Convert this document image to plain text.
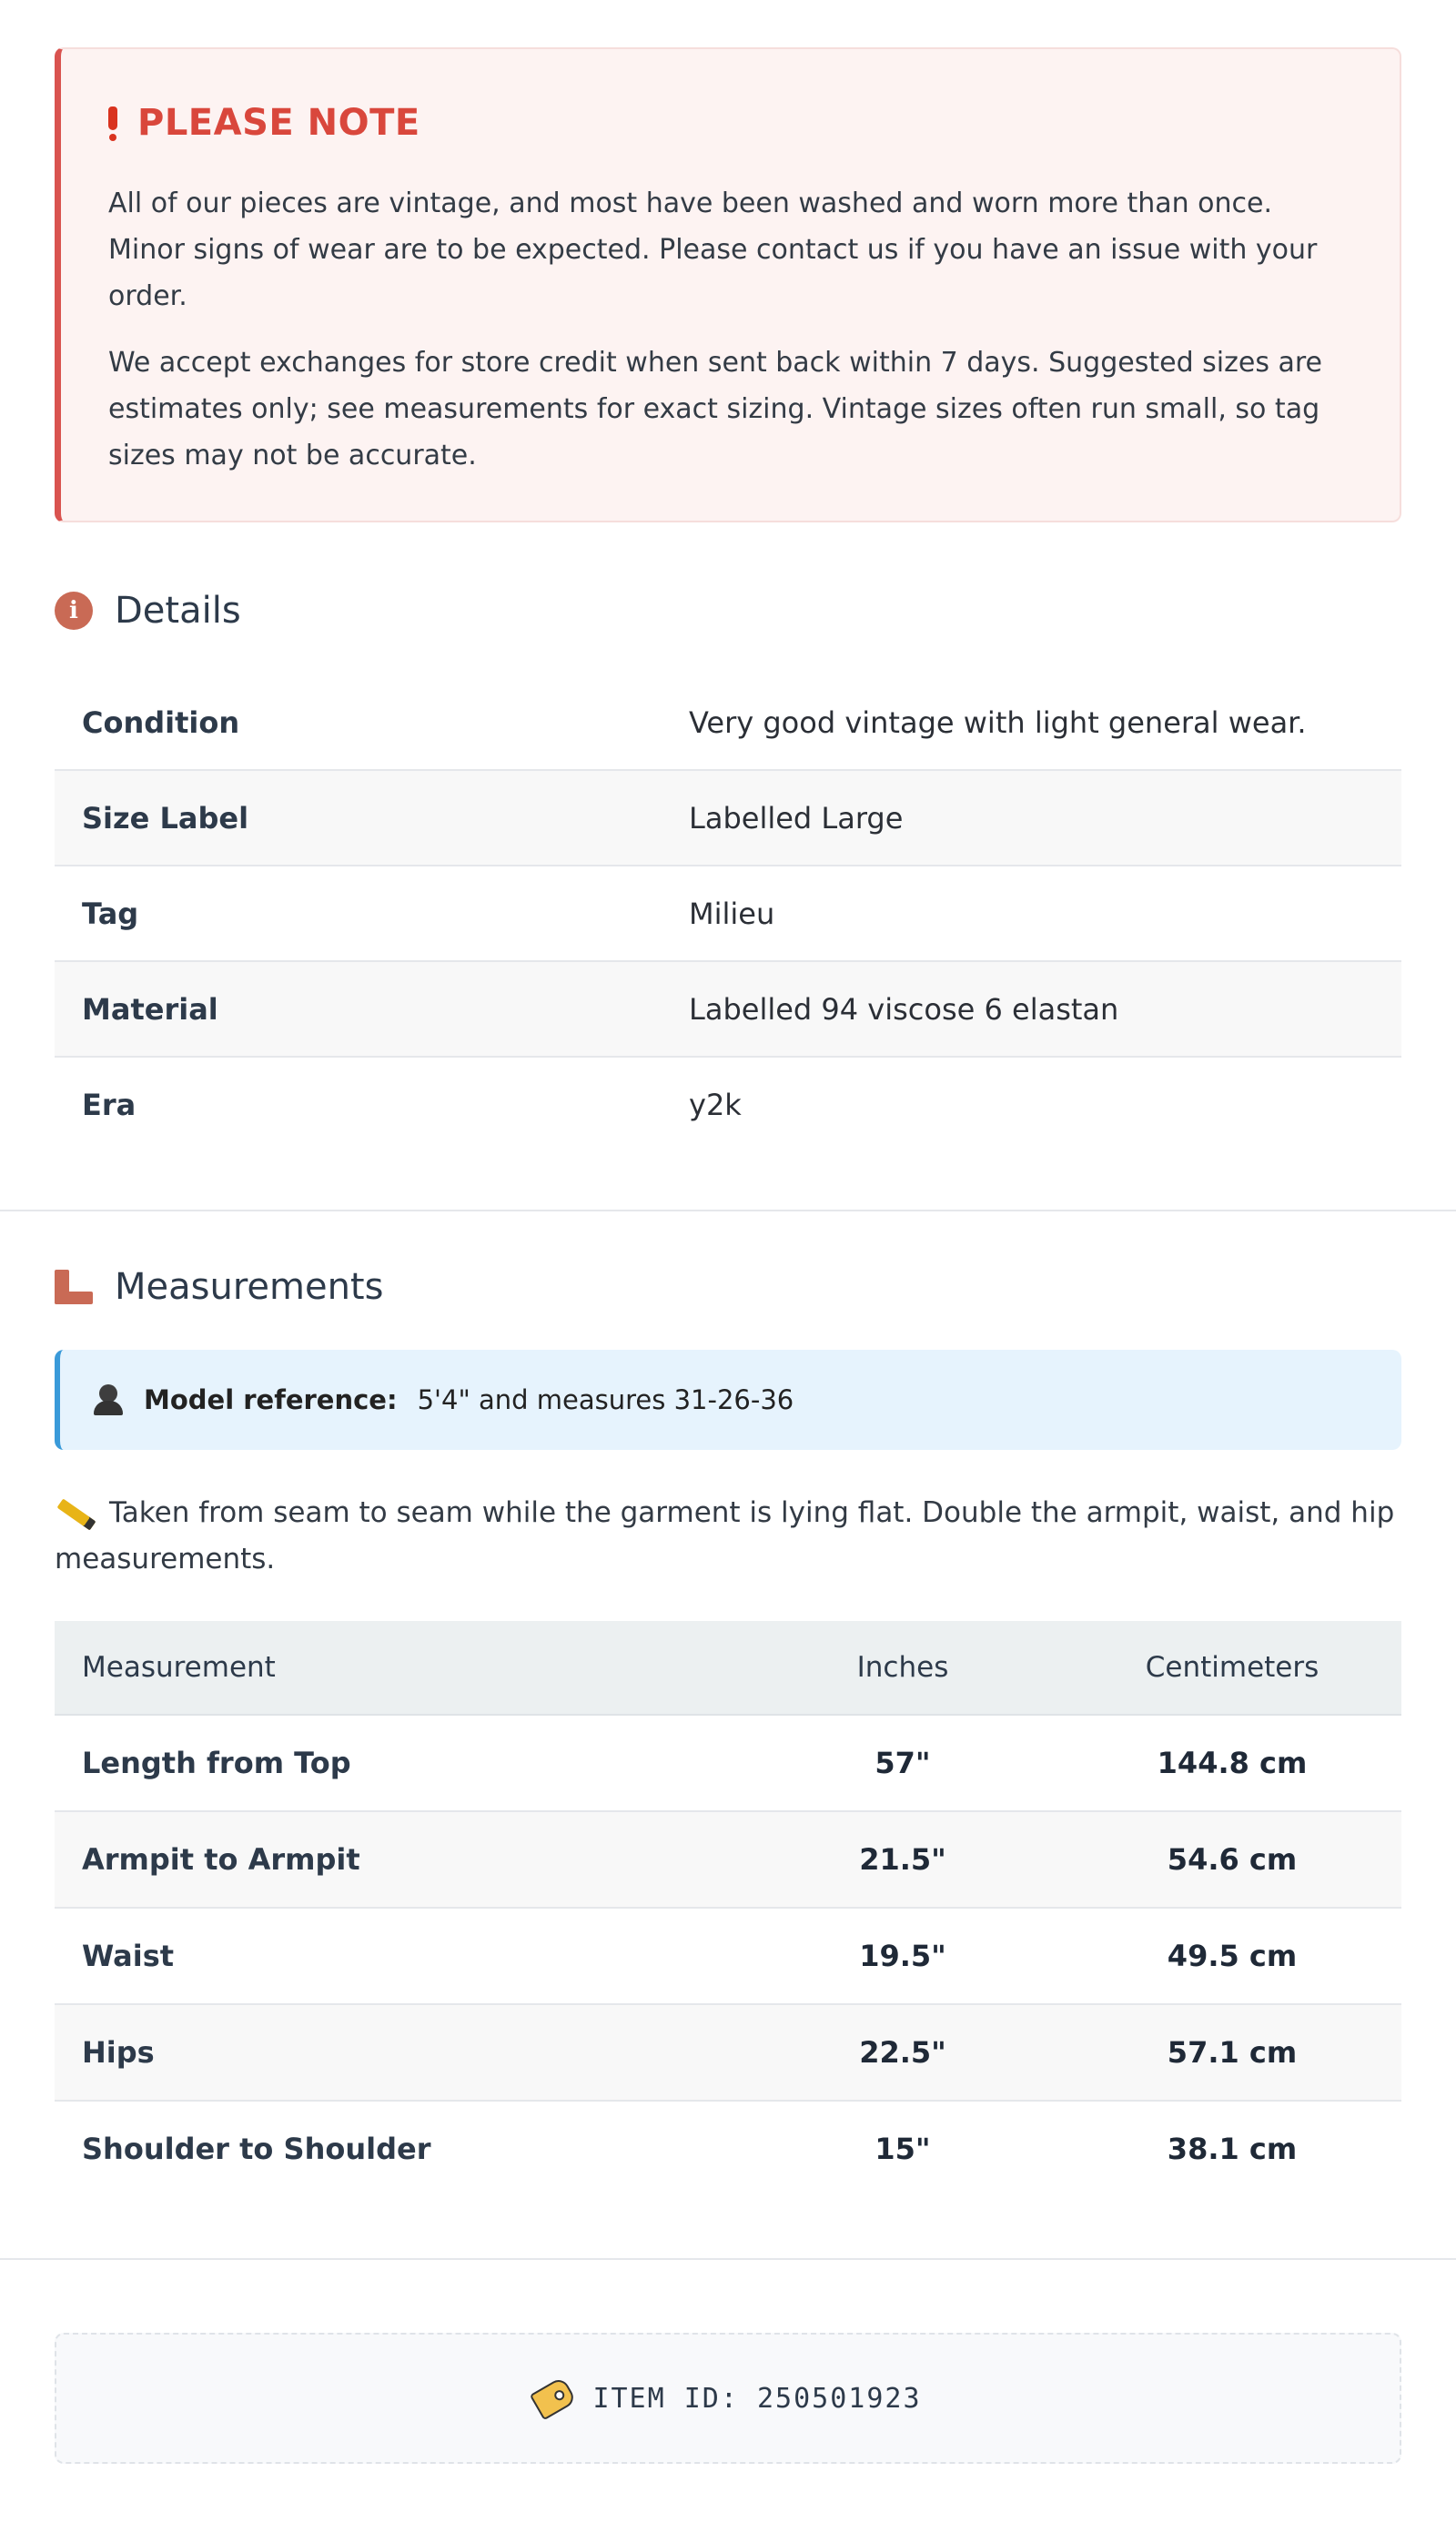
PLEASE NOTE

All of our pieces are vintage, and most have been washed and worn more than once. Minor signs of wear are to be expected. Please contact us if you have an issue with your order.

We accept exchanges for store credit when sent back within 7 days. Suggested sizes are estimates only; see measurements for exact sizing. Vintage sizes often run small, so tag sizes may not be accurate.

i	Details
Condition	Very good vintage with light general wear.
Size Label	Labelled Large
Tag	Milieu
Material	Labelled 94 viscose 6 elastan
Era	y2k
Measurements
Model reference: 5'4" and measures 31-26-36
Taken from seam to seam while the garment is lying flat. Double the armpit, waist, and hip measurements.
Measurement	Inches	Centimeters
Length from Top	57"	144.8 cm
Armpit to Armpit	21.5"	54.6 cm
Waist	19.5"	49.5 cm
Hips	22.5"	57.1 cm
Shoulder to Shoulder	15"	38.1 cm
ITEM ID: 250501923
